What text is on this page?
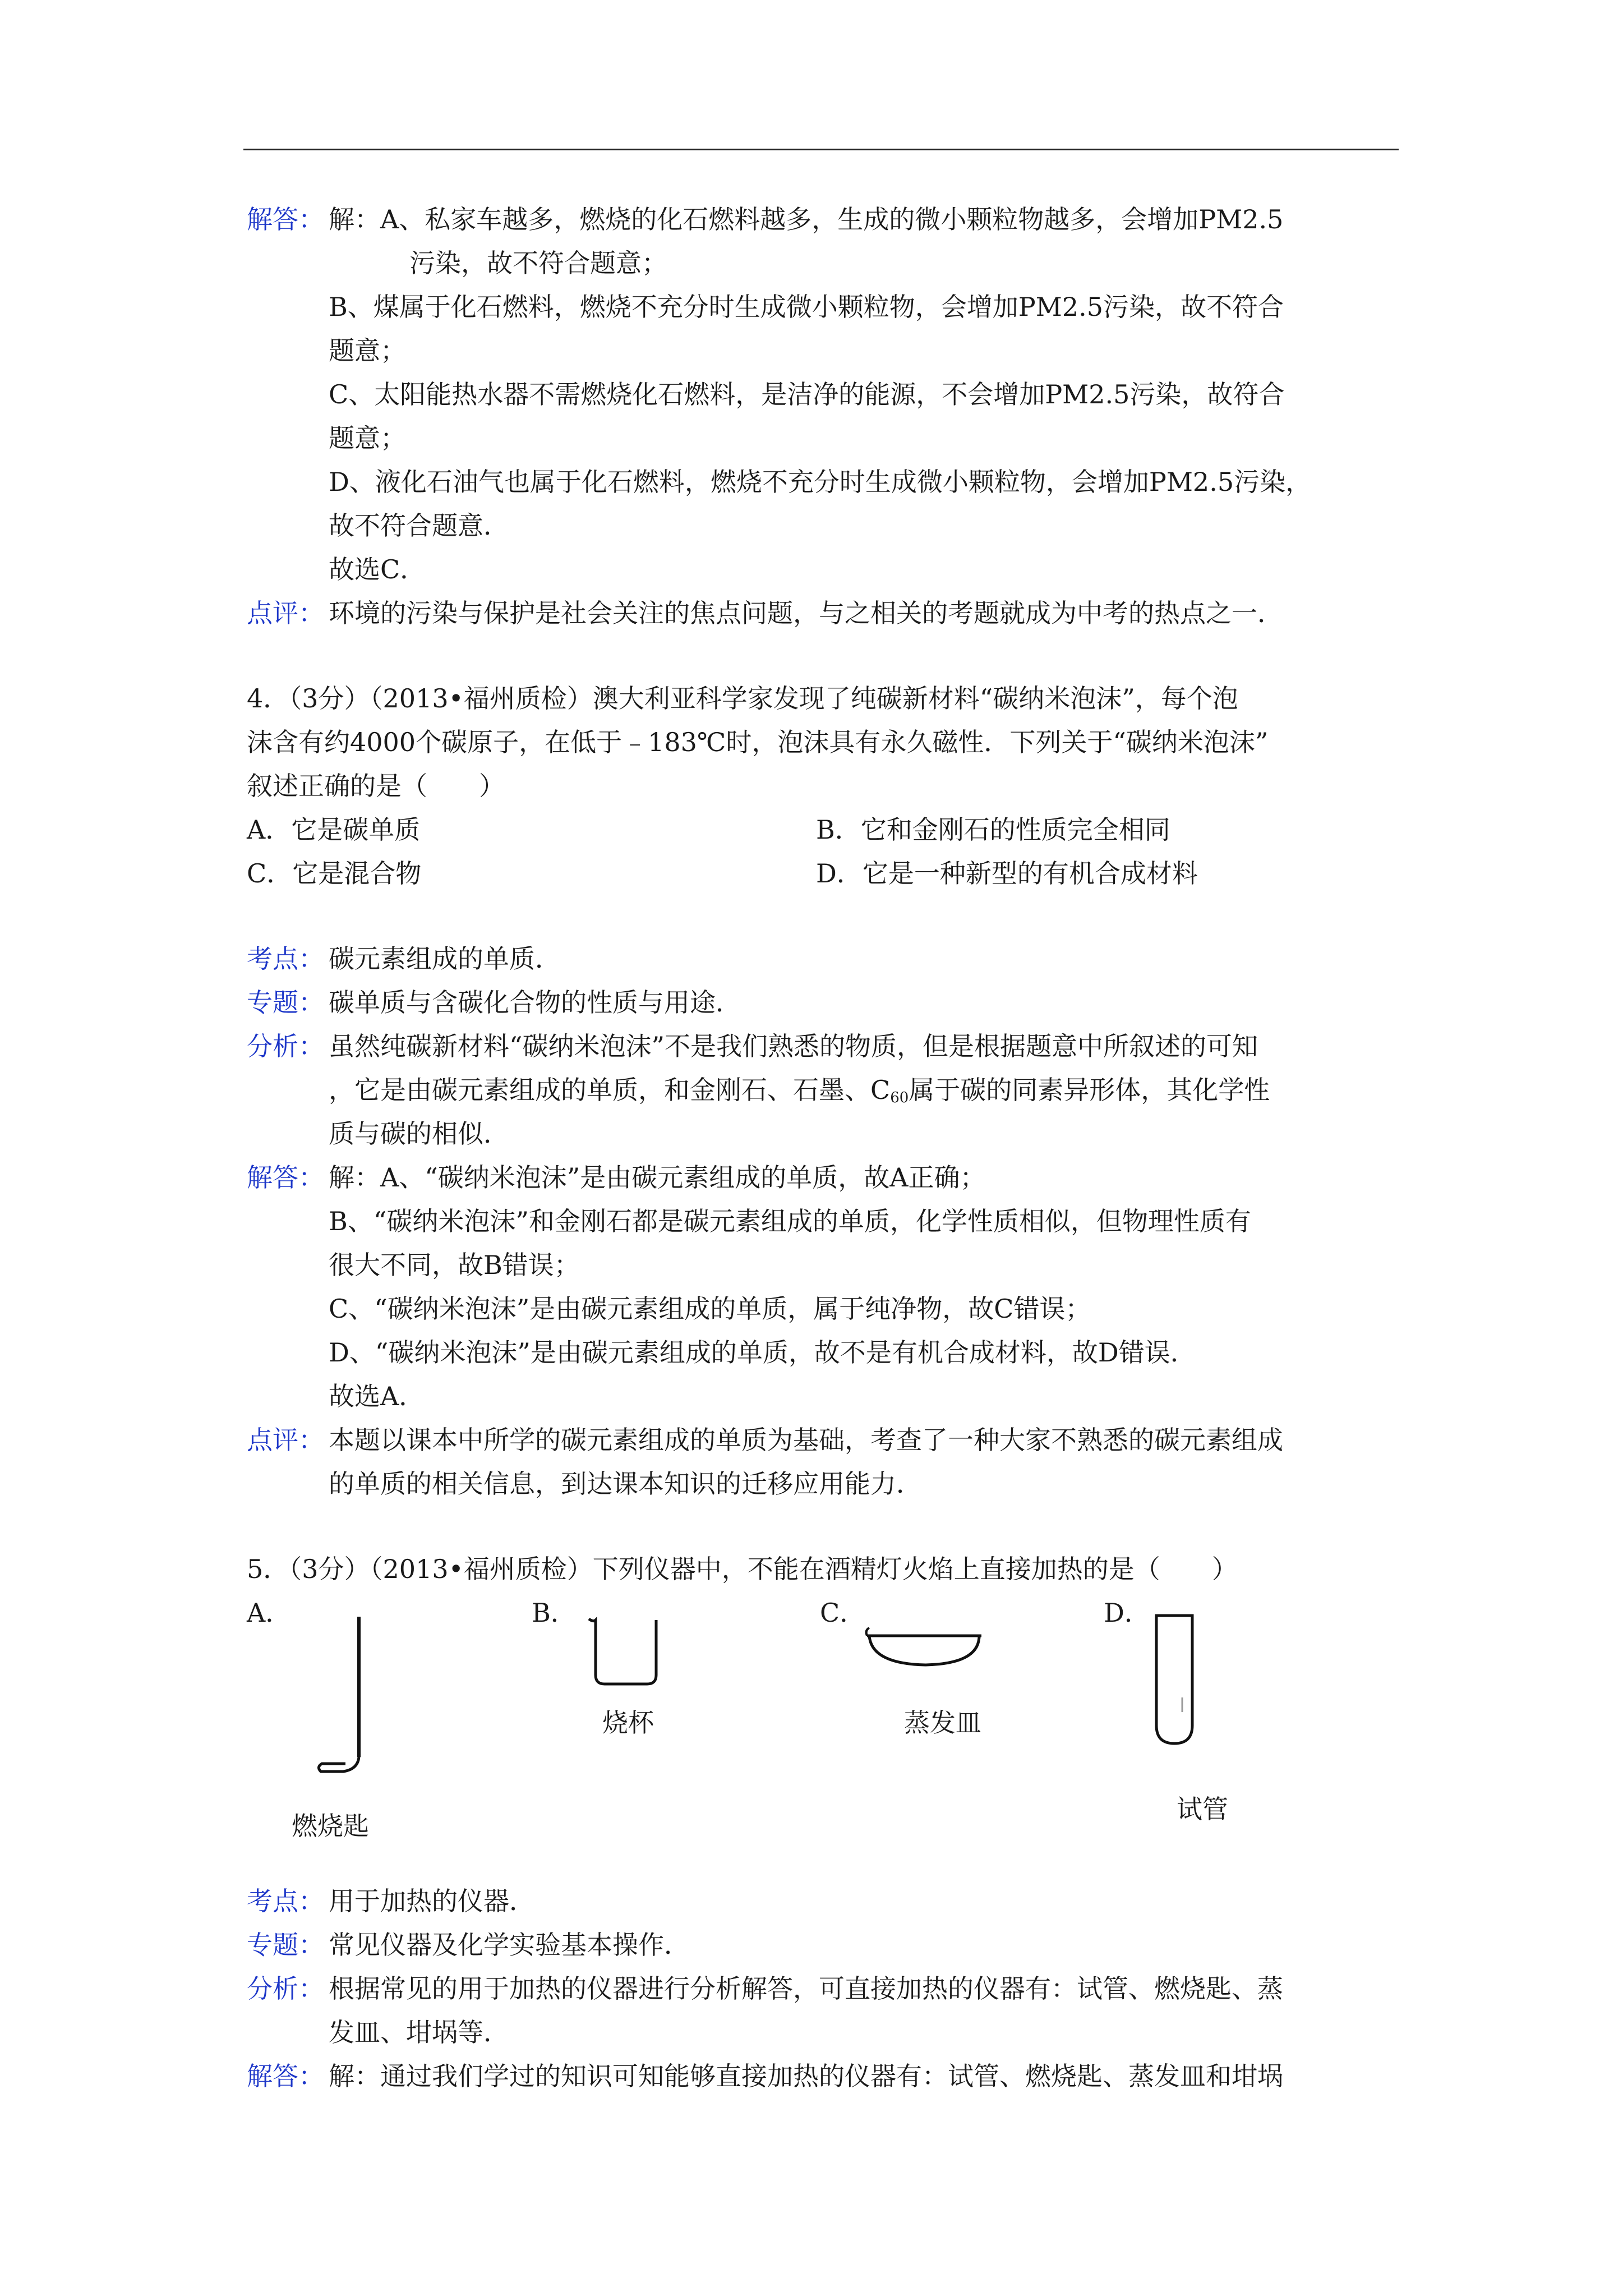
解答： 解：A、私家车越多，燃烧的化石燃料越多，生成的微小颗粒物越多，会增加PM2.5
污染，故不符合题意；
B、煤属于化石燃料，燃烧不充分时生成微小颗粒物，会增加PM2.5污染，故不符合
题意；
C、太阳能热水器不需燃烧化石燃料，是洁净的能源，不会增加PM2.5污染，故符合
题意；
D、液化石油气也属于化石燃料，燃烧不充分时生成微小颗粒物，会增加PM2.5污染，
故不符合题意．
故选C．
点评： 环境的污染与保护是社会关注的焦点问题，与之相关的考题就成为中考的热点之一．
4．（3分）（2013•福州质检）澳大利亚科学家发现了纯碳新材料“碳纳米泡沫”，每个泡
沫含有约4000个碳原子，在低于﹣183℃时，泡沫具有永久磁性．下列关于“碳纳米泡沫”
叙述正确的是（　　）
A．它是碳单质	B．它和金刚石的性质完全相同
C．它是混合物	D．它是一种新型的有机合成材料
考点： 碳元素组成的单质．
专题： 碳单质与含碳化合物的性质与用途．
分析： 虽然纯碳新材料“碳纳米泡沫”不是我们熟悉的物质，但是根据题意中所叙述的可知
，它是由碳元素组成的单质，和金刚石、石墨、$C_{60}$属于碳的同素异形体，其化学性
质与碳的相似．
解答： 解：A、“碳纳米泡沫”是由碳元素组成的单质，故A正确；
B、“碳纳米泡沫”和金刚石都是碳元素组成的单质，化学性质相似，但物理性质有
很大不同，故B错误；
C、“碳纳米泡沫”是由碳元素组成的单质，属于纯净物，故C错误；
D、“碳纳米泡沫”是由碳元素组成的单质，故不是有机合成材料，故D错误．
故选A．
点评： 本题以课本中所学的碳元素组成的单质为基础，考查了一种大家不熟悉的碳元素组成
的单质的相关信息，到达课本知识的迁移应用能力．
5．（3分）（2013•福州质检）下列仪器中，不能在酒精灯火焰上直接加热的是（　　）
A．
燃烧匙
B．
烧杯
C．
蒸发皿
D．
试管
考点： 用于加热的仪器．
专题： 常见仪器及化学实验基本操作．
分析： 根据常见的用于加热的仪器进行分析解答，可直接加热的仪器有：试管、燃烧匙、蒸
发皿、坩埚等．
解答： 解：通过我们学过的知识可知能够直接加热的仪器有：试管、燃烧匙、蒸发皿和坩埚
